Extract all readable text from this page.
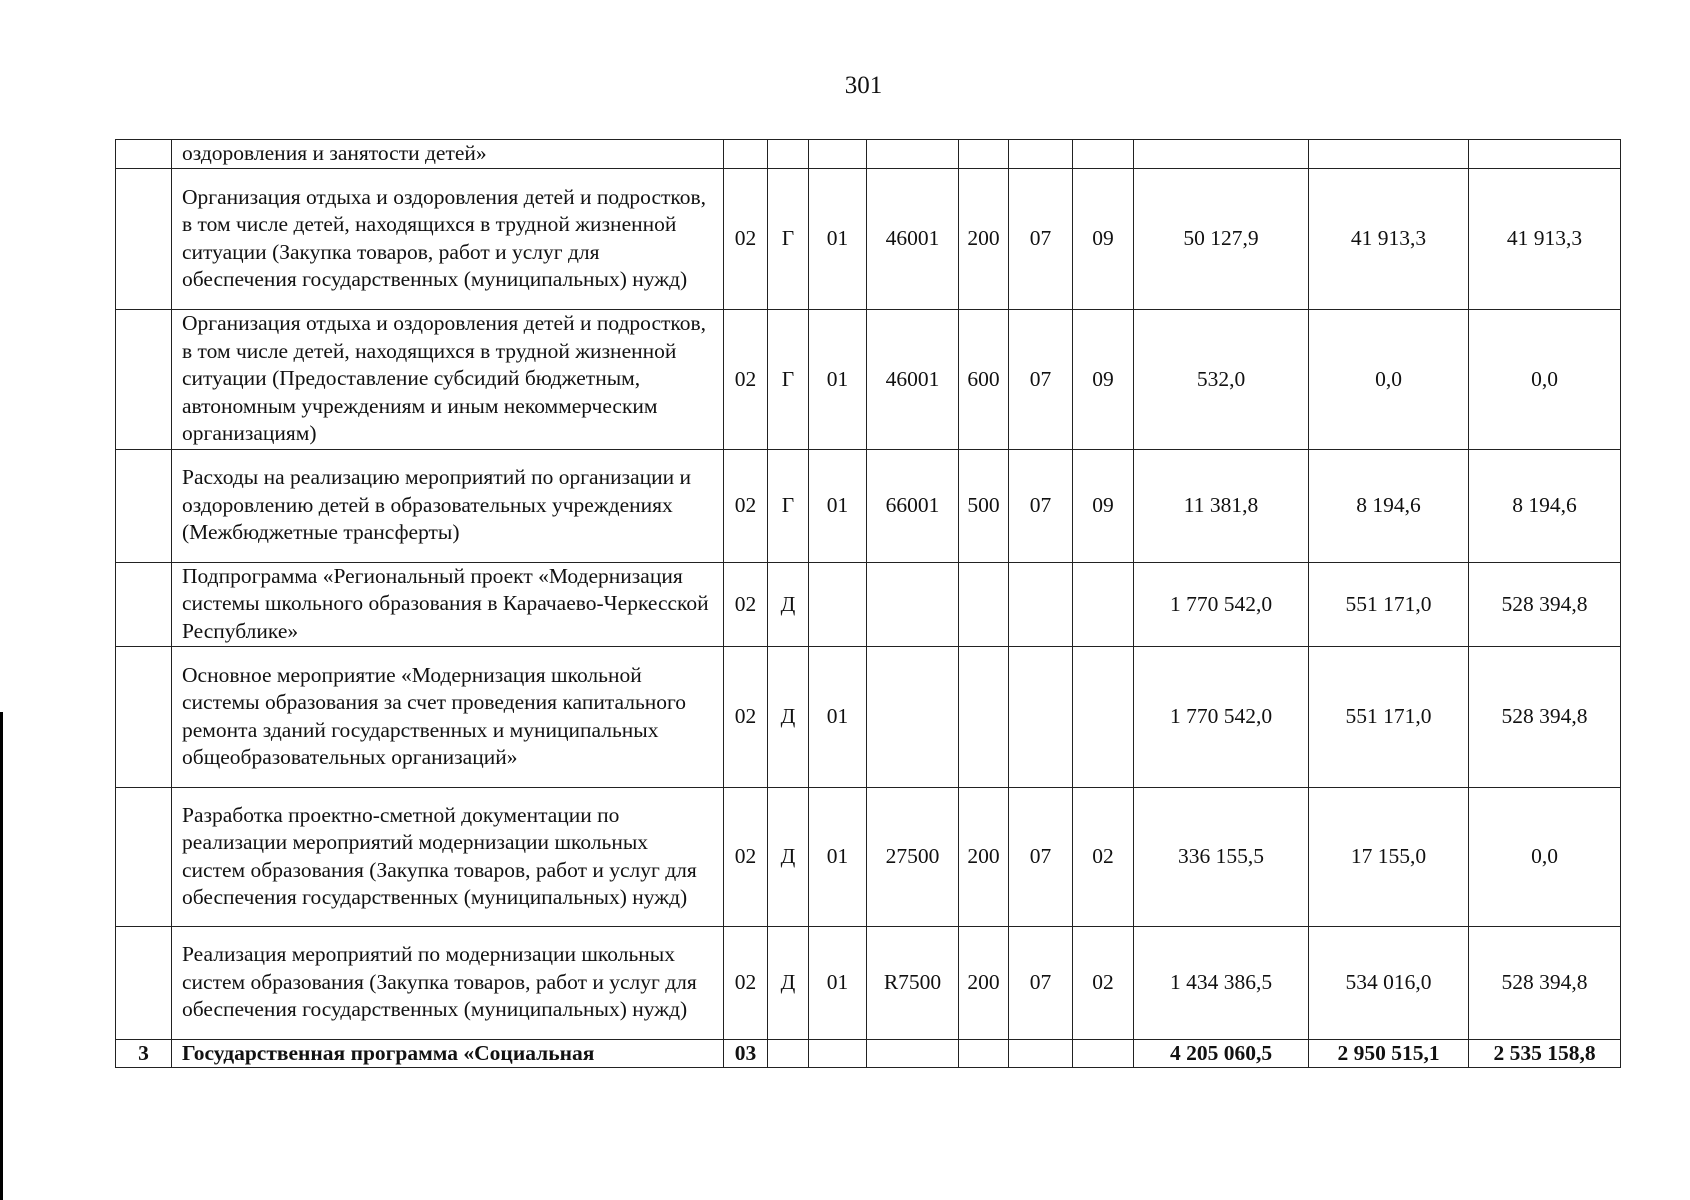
301
	оздоровления и занятости детей»										
	Организация отдыха и оздоровления детей и подростков, в том числе детей, находящихся в трудной жизненной ситуации (Закупка товаров, работ и услуг для обеспечения государственных (муниципальных) нужд)	02	Г	01	46001	200	07	09	50 127,9	41 913,3	41 913,3
	Организация отдыха и оздоровления детей и подростков, в том числе детей, находящихся в трудной жизненной ситуации (Предоставление субсидий бюджетным, автономным учреждениям и иным некоммерческим организациям)	02	Г	01	46001	600	07	09	532,0	0,0	0,0
	Расходы на реализацию мероприятий по организации и оздоровлению детей в образовательных учреждениях (Межбюджетные трансферты)	02	Г	01	66001	500	07	09	11 381,8	8 194,6	8 194,6
	Подпрограмма «Региональный проект «Модернизация системы школьного образования в Карачаево-Черкесской Республике»	02	Д						1 770 542,0	551 171,0	528 394,8
	Основное мероприятие «Модернизация школьной системы образования за счет проведения капитального ремонта зданий государственных и муниципальных общеобразовательных организаций»	02	Д	01					1 770 542,0	551 171,0	528 394,8
	Разработка проектно-сметной документации по реализации мероприятий модернизации школьных систем образования (Закупка товаров, работ и услуг для обеспечения государственных (муниципальных) нужд)	02	Д	01	27500	200	07	02	336 155,5	17 155,0	0,0
	Реализация мероприятий по модернизации школьных систем образования (Закупка товаров, работ и услуг для обеспечения государственных (муниципальных) нужд)	02	Д	01	R7500	200	07	02	1 434 386,5	534 016,0	528 394,8
3	Государственная программа «Социальная	03							4 205 060,5	2 950 515,1	2 535 158,8
